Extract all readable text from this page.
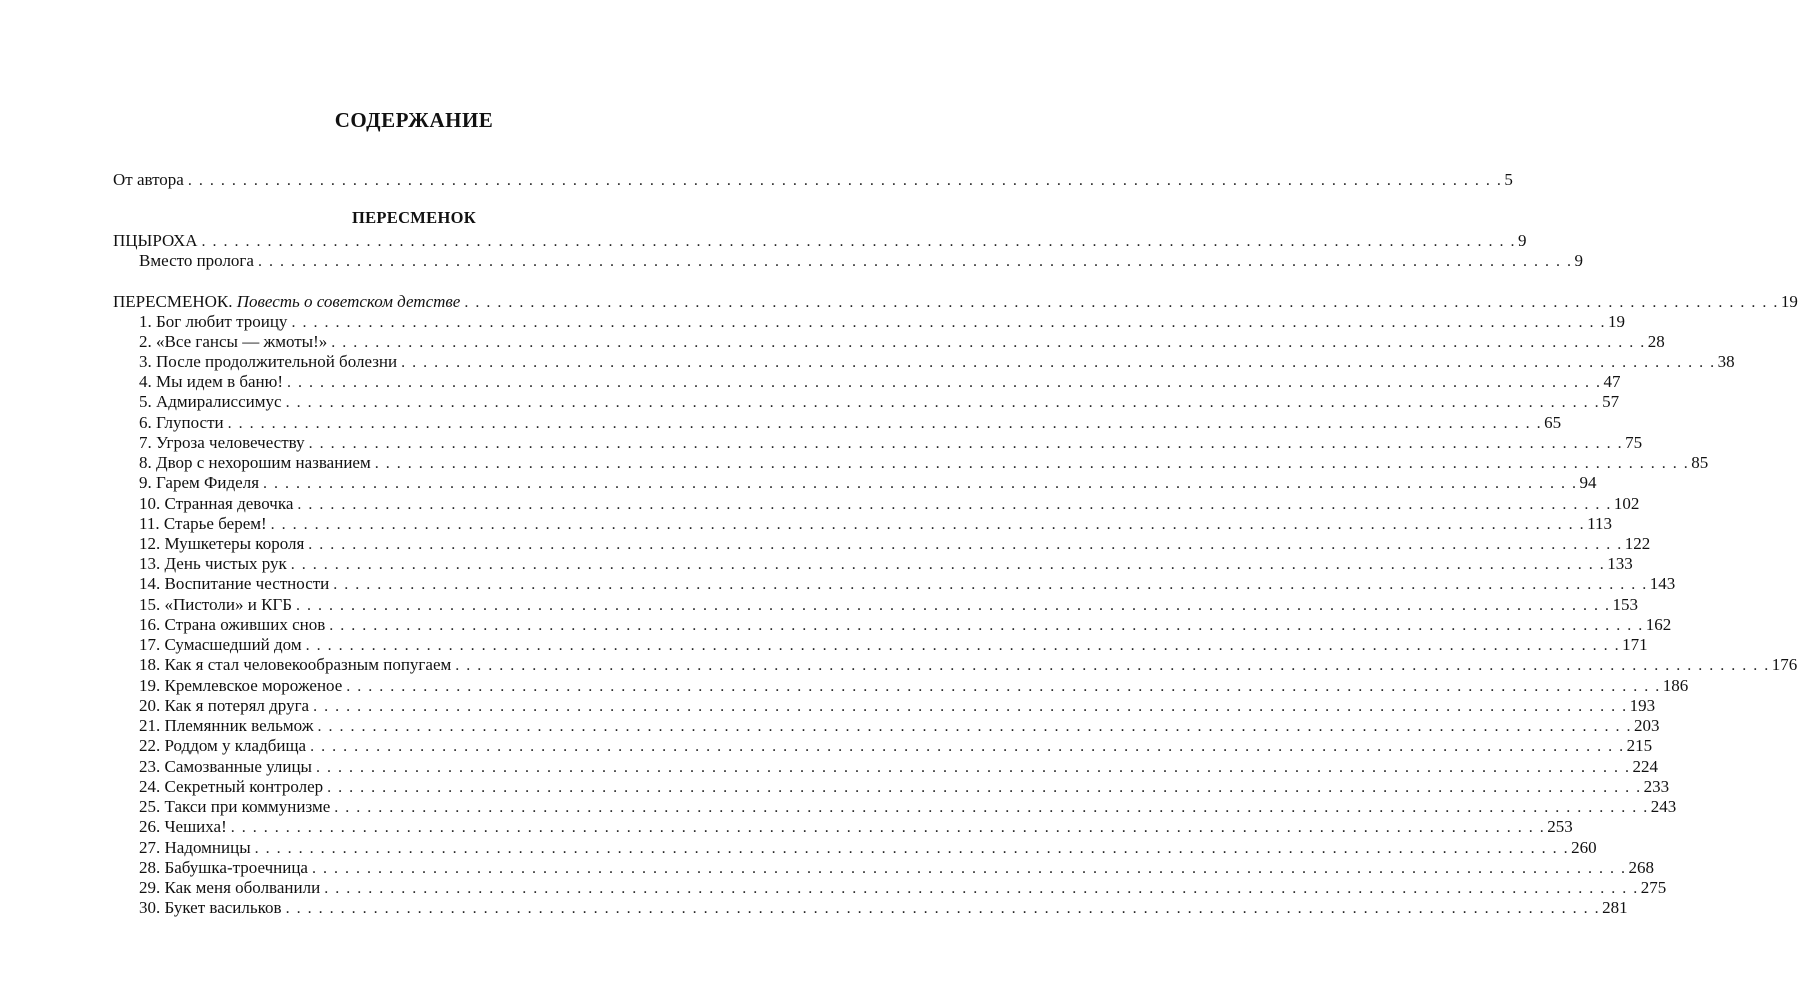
СОДЕРЖАНИЕ
ПЕРЕСМЕНОК
От автора . . . . . . . . . . . . . . . . . . . . . . . . . . . . . . . . . . . . . . . . . . . . . . . . . . . . . . . . . . . . . . . . . . . . . . . . . . . . . . . . . . . . . . . . . . . . . . . . . . . . . . . . . . . . . . . . . . . . . . . . 5
ПЦЫРОХА . . . . . . . . . . . . . . . . . . . . . . . . . . . . . . . . . . . . . . . . . . . . . . . . . . . . . . . . . . . . . . . . . . . . . . . . . . . . . . . . . . . . . . . . . . . . . . . . . . . . . . . . . . . . . . . . . . . . . . . . 9
Вместо пролога . . . . . . . . . . . . . . . . . . . . . . . . . . . . . . . . . . . . . . . . . . . . . . . . . . . . . . . . . . . . . . . . . . . . . . . . . . . . . . . . . . . . . . . . . . . . . . . . . . . . . . . . . . . . . . . . . . . . . . . . 9
ПЕРЕСМЕНОК. Повесть о советском детстве . . . . . . . . . . . . . . . . . . . . . . . . . . . . . . . . . . . . . . . . . . . . . . . . . . . . . . . . . . . . . . . . . . . . . . . . . . . . . . . . . . . . . . . . . . . . . . . . . . . . . . . . . . . . . . . . . . . . . . . . 19
1. Бог любит троицу . . . . . . . . . . . . . . . . . . . . . . . . . . . . . . . . . . . . . . . . . . . . . . . . . . . . . . . . . . . . . . . . . . . . . . . . . . . . . . . . . . . . . . . . . . . . . . . . . . . . . . . . . . . . . . . . . . . . . . . . 19
2. «Все гансы — жмоты!» . . . . . . . . . . . . . . . . . . . . . . . . . . . . . . . . . . . . . . . . . . . . . . . . . . . . . . . . . . . . . . . . . . . . . . . . . . . . . . . . . . . . . . . . . . . . . . . . . . . . . . . . . . . . . . . . . . . . . . . . 28
3. После продолжительной болезни . . . . . . . . . . . . . . . . . . . . . . . . . . . . . . . . . . . . . . . . . . . . . . . . . . . . . . . . . . . . . . . . . . . . . . . . . . . . . . . . . . . . . . . . . . . . . . . . . . . . . . . . . . . . . . . . . . . . . . . . 38
4. Мы идем в баню! . . . . . . . . . . . . . . . . . . . . . . . . . . . . . . . . . . . . . . . . . . . . . . . . . . . . . . . . . . . . . . . . . . . . . . . . . . . . . . . . . . . . . . . . . . . . . . . . . . . . . . . . . . . . . . . . . . . . . . . . 47
5. Адмиралиссимус . . . . . . . . . . . . . . . . . . . . . . . . . . . . . . . . . . . . . . . . . . . . . . . . . . . . . . . . . . . . . . . . . . . . . . . . . . . . . . . . . . . . . . . . . . . . . . . . . . . . . . . . . . . . . . . . . . . . . . . . 57
6. Глупости . . . . . . . . . . . . . . . . . . . . . . . . . . . . . . . . . . . . . . . . . . . . . . . . . . . . . . . . . . . . . . . . . . . . . . . . . . . . . . . . . . . . . . . . . . . . . . . . . . . . . . . . . . . . . . . . . . . . . . . . 65
7. Угроза человечеству . . . . . . . . . . . . . . . . . . . . . . . . . . . . . . . . . . . . . . . . . . . . . . . . . . . . . . . . . . . . . . . . . . . . . . . . . . . . . . . . . . . . . . . . . . . . . . . . . . . . . . . . . . . . . . . . . . . . . . . . 75
8. Двор с нехорошим названием . . . . . . . . . . . . . . . . . . . . . . . . . . . . . . . . . . . . . . . . . . . . . . . . . . . . . . . . . . . . . . . . . . . . . . . . . . . . . . . . . . . . . . . . . . . . . . . . . . . . . . . . . . . . . . . . . . . . . . . . 85
9. Гарем Фиделя . . . . . . . . . . . . . . . . . . . . . . . . . . . . . . . . . . . . . . . . . . . . . . . . . . . . . . . . . . . . . . . . . . . . . . . . . . . . . . . . . . . . . . . . . . . . . . . . . . . . . . . . . . . . . . . . . . . . . . . . 94
10. Странная девочка . . . . . . . . . . . . . . . . . . . . . . . . . . . . . . . . . . . . . . . . . . . . . . . . . . . . . . . . . . . . . . . . . . . . . . . . . . . . . . . . . . . . . . . . . . . . . . . . . . . . . . . . . . . . . . . . . . . . . . . . 102
11. Старье берем! . . . . . . . . . . . . . . . . . . . . . . . . . . . . . . . . . . . . . . . . . . . . . . . . . . . . . . . . . . . . . . . . . . . . . . . . . . . . . . . . . . . . . . . . . . . . . . . . . . . . . . . . . . . . . . . . . . . . . . . . 113
12. Мушкетеры короля . . . . . . . . . . . . . . . . . . . . . . . . . . . . . . . . . . . . . . . . . . . . . . . . . . . . . . . . . . . . . . . . . . . . . . . . . . . . . . . . . . . . . . . . . . . . . . . . . . . . . . . . . . . . . . . . . . . . . . . . 122
13. День чистых рук . . . . . . . . . . . . . . . . . . . . . . . . . . . . . . . . . . . . . . . . . . . . . . . . . . . . . . . . . . . . . . . . . . . . . . . . . . . . . . . . . . . . . . . . . . . . . . . . . . . . . . . . . . . . . . . . . . . . . . . . 133
14. Воспитание честности . . . . . . . . . . . . . . . . . . . . . . . . . . . . . . . . . . . . . . . . . . . . . . . . . . . . . . . . . . . . . . . . . . . . . . . . . . . . . . . . . . . . . . . . . . . . . . . . . . . . . . . . . . . . . . . . . . . . . . . . 143
15. «Пистоли» и КГБ . . . . . . . . . . . . . . . . . . . . . . . . . . . . . . . . . . . . . . . . . . . . . . . . . . . . . . . . . . . . . . . . . . . . . . . . . . . . . . . . . . . . . . . . . . . . . . . . . . . . . . . . . . . . . . . . . . . . . . . . 153
16. Страна оживших снов . . . . . . . . . . . . . . . . . . . . . . . . . . . . . . . . . . . . . . . . . . . . . . . . . . . . . . . . . . . . . . . . . . . . . . . . . . . . . . . . . . . . . . . . . . . . . . . . . . . . . . . . . . . . . . . . . . . . . . . . 162
17. Сумасшедший дом . . . . . . . . . . . . . . . . . . . . . . . . . . . . . . . . . . . . . . . . . . . . . . . . . . . . . . . . . . . . . . . . . . . . . . . . . . . . . . . . . . . . . . . . . . . . . . . . . . . . . . . . . . . . . . . . . . . . . . . . 171
18. Как я стал человекообразным попугаем . . . . . . . . . . . . . . . . . . . . . . . . . . . . . . . . . . . . . . . . . . . . . . . . . . . . . . . . . . . . . . . . . . . . . . . . . . . . . . . . . . . . . . . . . . . . . . . . . . . . . . . . . . . . . . . . . . . . . . . . 176
19. Кремлевское мороженое . . . . . . . . . . . . . . . . . . . . . . . . . . . . . . . . . . . . . . . . . . . . . . . . . . . . . . . . . . . . . . . . . . . . . . . . . . . . . . . . . . . . . . . . . . . . . . . . . . . . . . . . . . . . . . . . . . . . . . . . 186
20. Как я потерял друга . . . . . . . . . . . . . . . . . . . . . . . . . . . . . . . . . . . . . . . . . . . . . . . . . . . . . . . . . . . . . . . . . . . . . . . . . . . . . . . . . . . . . . . . . . . . . . . . . . . . . . . . . . . . . . . . . . . . . . . . 193
21. Племянник вельмож . . . . . . . . . . . . . . . . . . . . . . . . . . . . . . . . . . . . . . . . . . . . . . . . . . . . . . . . . . . . . . . . . . . . . . . . . . . . . . . . . . . . . . . . . . . . . . . . . . . . . . . . . . . . . . . . . . . . . . . . 203
22. Роддом у кладбища . . . . . . . . . . . . . . . . . . . . . . . . . . . . . . . . . . . . . . . . . . . . . . . . . . . . . . . . . . . . . . . . . . . . . . . . . . . . . . . . . . . . . . . . . . . . . . . . . . . . . . . . . . . . . . . . . . . . . . . . 215
23. Самозванные улицы . . . . . . . . . . . . . . . . . . . . . . . . . . . . . . . . . . . . . . . . . . . . . . . . . . . . . . . . . . . . . . . . . . . . . . . . . . . . . . . . . . . . . . . . . . . . . . . . . . . . . . . . . . . . . . . . . . . . . . . . 224
24. Секретный контролер . . . . . . . . . . . . . . . . . . . . . . . . . . . . . . . . . . . . . . . . . . . . . . . . . . . . . . . . . . . . . . . . . . . . . . . . . . . . . . . . . . . . . . . . . . . . . . . . . . . . . . . . . . . . . . . . . . . . . . . . 233
25. Такси при коммунизме . . . . . . . . . . . . . . . . . . . . . . . . . . . . . . . . . . . . . . . . . . . . . . . . . . . . . . . . . . . . . . . . . . . . . . . . . . . . . . . . . . . . . . . . . . . . . . . . . . . . . . . . . . . . . . . . . . . . . . . . 243
26. Чешиха! . . . . . . . . . . . . . . . . . . . . . . . . . . . . . . . . . . . . . . . . . . . . . . . . . . . . . . . . . . . . . . . . . . . . . . . . . . . . . . . . . . . . . . . . . . . . . . . . . . . . . . . . . . . . . . . . . . . . . . . . 253
27. Надомницы . . . . . . . . . . . . . . . . . . . . . . . . . . . . . . . . . . . . . . . . . . . . . . . . . . . . . . . . . . . . . . . . . . . . . . . . . . . . . . . . . . . . . . . . . . . . . . . . . . . . . . . . . . . . . . . . . . . . . . . . 260
28. Бабушка-троечница . . . . . . . . . . . . . . . . . . . . . . . . . . . . . . . . . . . . . . . . . . . . . . . . . . . . . . . . . . . . . . . . . . . . . . . . . . . . . . . . . . . . . . . . . . . . . . . . . . . . . . . . . . . . . . . . . . . . . . . . 268
29. Как меня оболванили . . . . . . . . . . . . . . . . . . . . . . . . . . . . . . . . . . . . . . . . . . . . . . . . . . . . . . . . . . . . . . . . . . . . . . . . . . . . . . . . . . . . . . . . . . . . . . . . . . . . . . . . . . . . . . . . . . . . . . . . 275
30. Букет васильков . . . . . . . . . . . . . . . . . . . . . . . . . . . . . . . . . . . . . . . . . . . . . . . . . . . . . . . . . . . . . . . . . . . . . . . . . . . . . . . . . . . . . . . . . . . . . . . . . . . . . . . . . . . . . . . . . . . . . . . . 281
